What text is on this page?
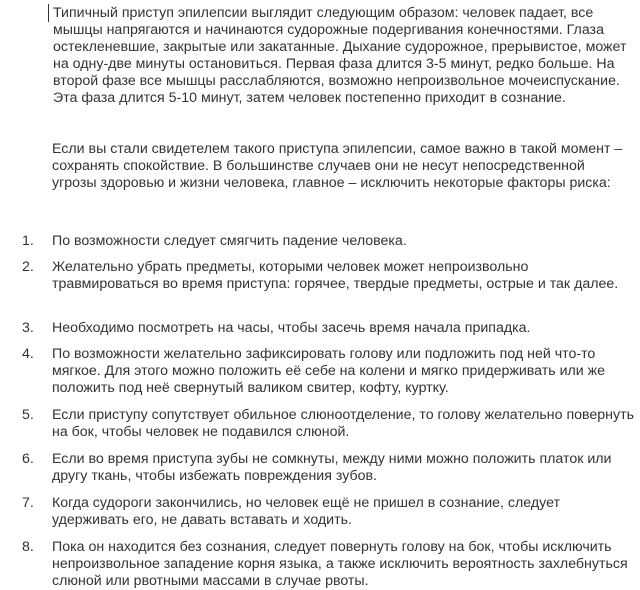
Типичный приступ эпилепсии выглядит следующим образом: человек падает, все мышцы напрягаются и начинаются судорожные подергивания конечностями. Глаза остекленевшие, закрытые или закатанные. Дыхание судорожное, прерывистое, может на одну-две минуты остановиться. Первая фаза длится 3-5 минут, редко больше. На второй фазе все мышцы расслабляются, возможно непроизвольное мочеиспускание. Эта фаза длится 5-10 минут, затем человек постепенно приходит в сознание.

Если вы стали свидетелем такого приступа эпилепсии, самое важно в такой момент – сохранять спокойствие. В большинстве случаев они не несут непосредственной угрозы здоровью и жизни человека, главное – исключить некоторые факторы риска:

1.	По возможности следует смягчить падение человека.
2.	Желательно убрать предметы, которыми человек может непроизвольно травмироваться во время приступа: горячее, твердые предметы, острые и так далее.
3.	Необходимо посмотреть на часы, чтобы засечь время начала припадка.
4.	По возможности желательно зафиксировать голову или подложить под ней что-то мягкое. Для этого можно положить её себе на колени и мягко придерживать или же положить под неё свернутый валиком свитер, кофту, куртку.
5.	Если приступу сопутствует обильное слюноотделение, то голову желательно повернуть на бок, чтобы человек не подавился слюной.
6.	Если во время приступа зубы не сомкнуты, между ними можно положить платок или другу ткань, чтобы избежать повреждения зубов.
7.	Когда судороги закончились, но человек ещё не пришел в сознание, следует удерживать его, не давать вставать и ходить.
8.	Пока он находится без сознания, следует повернуть голову на бок, чтобы исключить непроизвольное западение корня языка, а также исключить вероятность захлебнуться слюной или рвотными массами в случае рвоты.
